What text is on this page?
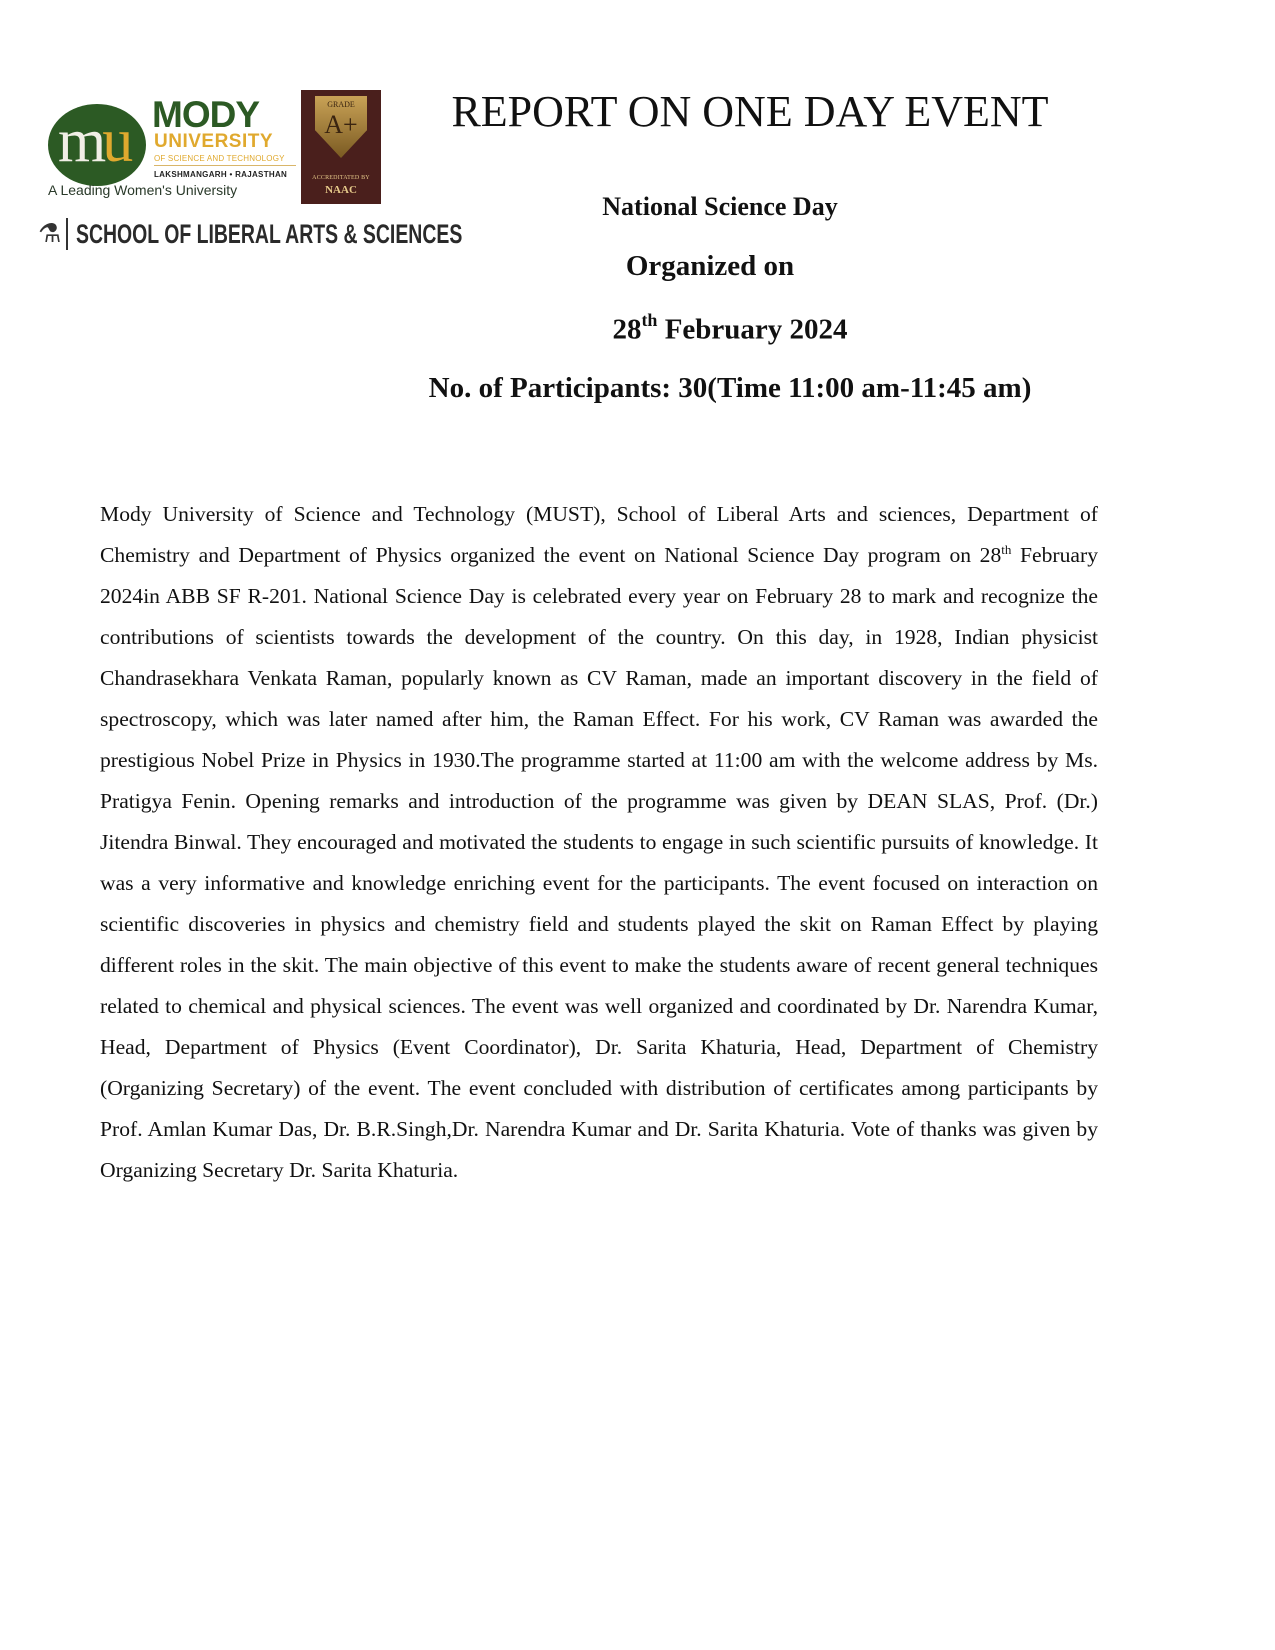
mu MODY
UNIVERSITY
OF SCIENCE AND TECHNOLOGY
LAKSHMANGARH • RAJASTHAN
A Leading Women's University
GRADE
A+
ACCREDITATED BY
NAAC
⚗ SCHOOL OF LIBERAL ARTS & SCIENCES
REPORT ON ONE DAY EVENT
National Science Day
Organized on
28th February 2024
No. of Participants: 30(Time 11:00 am-11:45 am)
Mody University of Science and Technology (MUST), School of Liberal Arts and sciences, Department of Chemistry and Department of Physics organized the event on National Science Day program on 28th February 2024in ABB SF R-201. National Science Day is celebrated every year on February 28 to mark and recognize the contributions of scientists towards the development of the country. On this day, in 1928, Indian physicist Chandrasekhara Venkata Raman, popularly known as CV Raman, made an important discovery in the field of spectroscopy, which was later named after him, the Raman Effect. For his work, CV Raman was awarded the prestigious Nobel Prize in Physics in 1930.The programme started at 11:00 am with the welcome address by Ms. Pratigya Fenin. Opening remarks and introduction of the programme was given by DEAN SLAS, Prof. (Dr.) Jitendra Binwal. They encouraged and motivated the students to engage in such scientific pursuits of knowledge. It was a very informative and knowledge enriching event for the participants. The event focused on interaction on scientific discoveries in physics and chemistry field and students played the skit on Raman Effect by playing different roles in the skit. The main objective of this event to make the students aware of recent general techniques related to chemical and physical sciences. The event was well organized and coordinated by Dr. Narendra Kumar, Head, Department of Physics (Event Coordinator), Dr. Sarita Khaturia, Head, Department of Chemistry (Organizing Secretary) of the event. The event concluded with distribution of certificates among participants by Prof. Amlan Kumar Das, Dr. B.R.Singh,Dr. Narendra Kumar and Dr. Sarita Khaturia. Vote of thanks was given by Organizing Secretary Dr. Sarita Khaturia.
